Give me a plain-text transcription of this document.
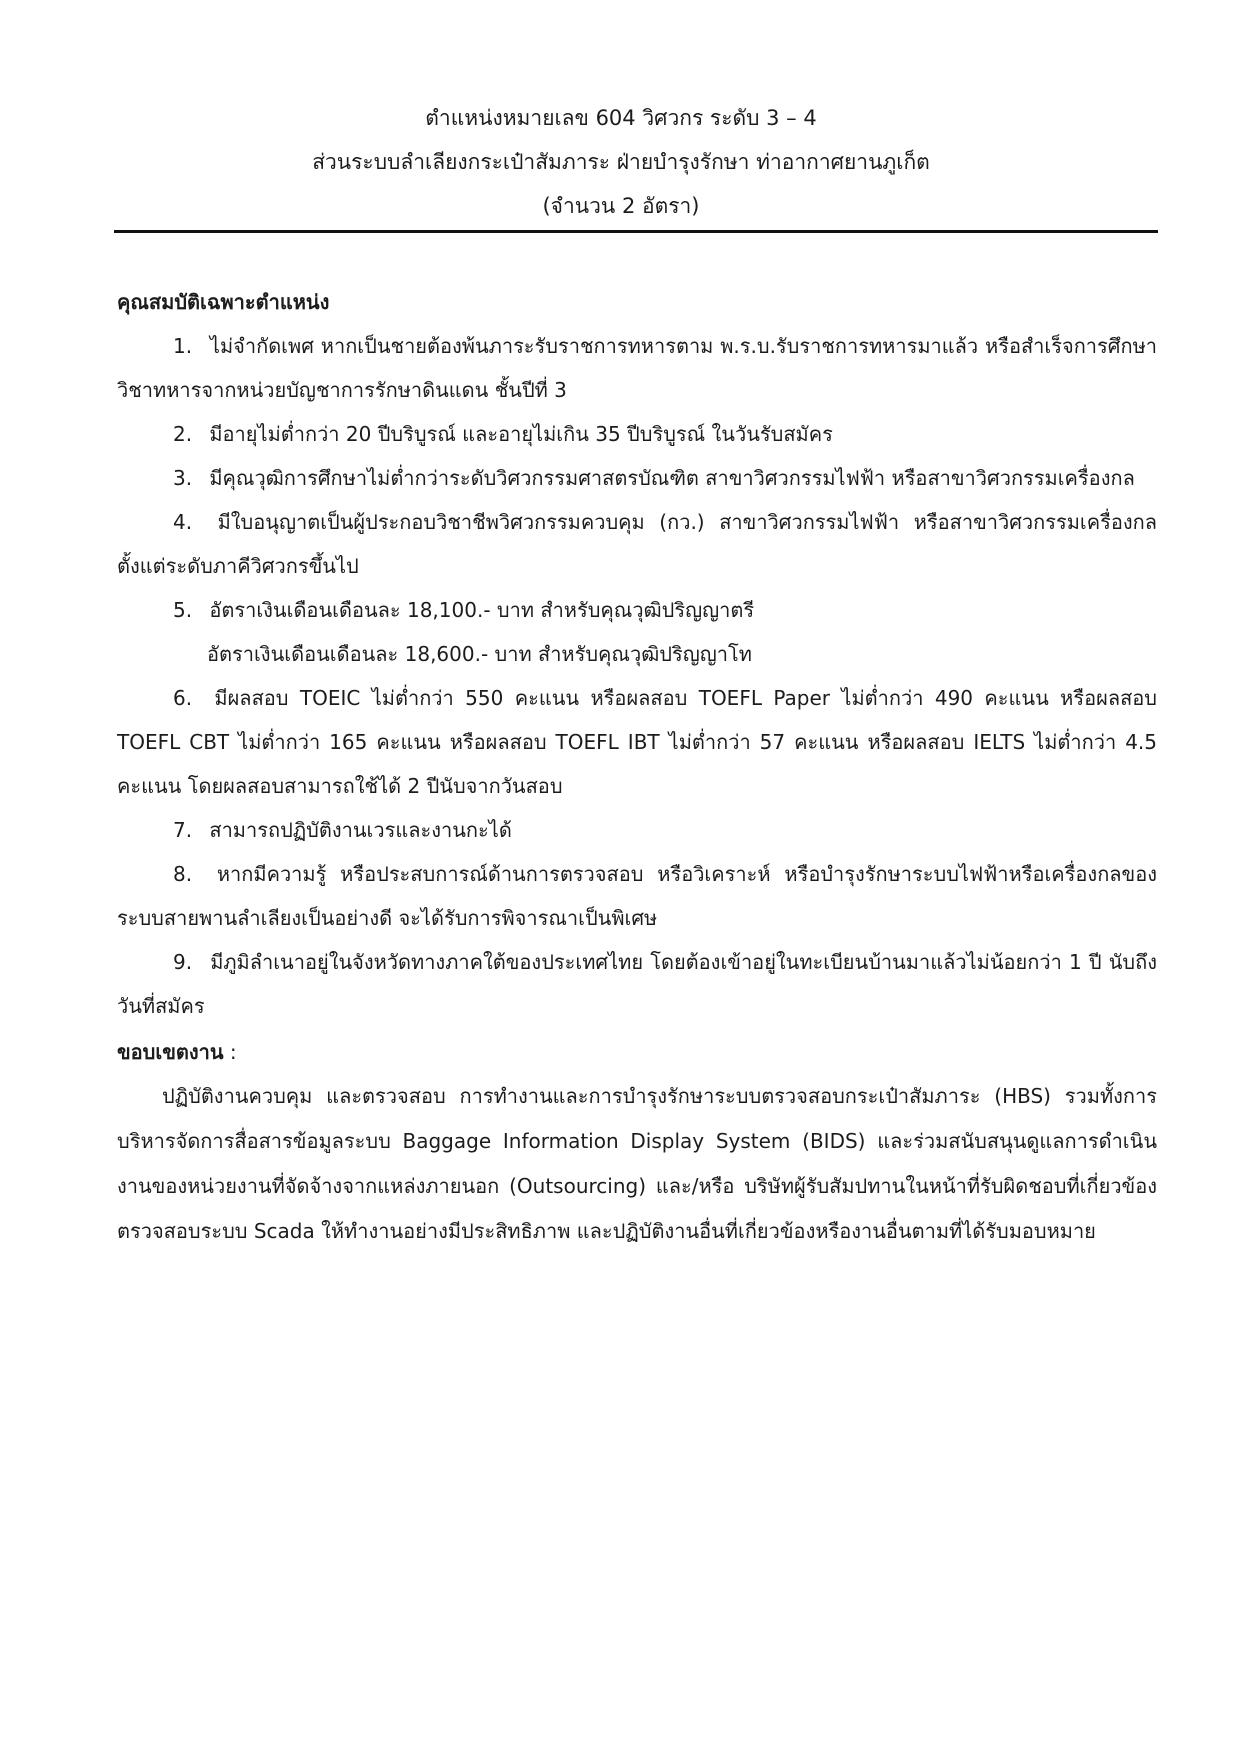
ตำแหน่งหมายเลข 604 วิศวกร ระดับ 3 – 4
ส่วนระบบลำเลียงกระเป๋าสัมภาระ ฝ่ายบำรุงรักษา ท่าอากาศยานภูเก็ต
(จำนวน 2 อัตรา)
คุณสมบัติเฉพาะตำแหน่ง
1. ไม่จำกัดเพศ หากเป็นชายต้องพ้นภาระรับราชการทหารตาม พ.ร.บ.รับราชการทหารมาแล้ว หรือสำเร็จการศึกษาวิชาทหารจากหน่วยบัญชาการรักษาดินแดน ชั้นปีที่ 3
2. มีอายุไม่ต่ำกว่า 20 ปีบริบูรณ์ และอายุไม่เกิน 35 ปีบริบูรณ์ ในวันรับสมัคร
3. มีคุณวุฒิการศึกษาไม่ต่ำกว่าระดับวิศวกรรมศาสตรบัณฑิต สาขาวิศวกรรมไฟฟ้า หรือสาขาวิศวกรรมเครื่องกล
4. มีใบอนุญาตเป็นผู้ประกอบวิชาชีพวิศวกรรมควบคุม (กว.) สาขาวิศวกรรมไฟฟ้า หรือสาขาวิศวกรรมเครื่องกล ตั้งแต่ระดับภาคีวิศวกรขึ้นไป
5. อัตราเงินเดือนเดือนละ 18,100.- บาท สำหรับคุณวุฒิปริญญาตรี
อัตราเงินเดือนเดือนละ 18,600.- บาท สำหรับคุณวุฒิปริญญาโท
6. มีผลสอบ TOEIC ไม่ต่ำกว่า 550 คะแนน หรือผลสอบ TOEFL Paper ไม่ต่ำกว่า 490 คะแนน หรือผลสอบ TOEFL CBT ไม่ต่ำกว่า 165 คะแนน หรือผลสอบ TOEFL IBT ไม่ต่ำกว่า 57 คะแนน หรือผลสอบ IELTS ไม่ต่ำกว่า 4.5 คะแนน โดยผลสอบสามารถใช้ได้ 2 ปีนับจากวันสอบ
7. สามารถปฏิบัติงานเวรและงานกะได้
8. หากมีความรู้ หรือประสบการณ์ด้านการตรวจสอบ หรือวิเคราะห์ หรือบำรุงรักษาระบบไฟฟ้าหรือเครื่องกลของระบบสายพานลำเลียงเป็นอย่างดี จะได้รับการพิจารณาเป็นพิเศษ
9. มีภูมิลำเนาอยู่ในจังหวัดทางภาคใต้ของประเทศไทย โดยต้องเข้าอยู่ในทะเบียนบ้านมาแล้วไม่น้อยกว่า 1 ปี นับถึงวันที่สมัคร
ขอบเขตงาน :
ปฏิบัติงานควบคุม และตรวจสอบ การทำงานและการบำรุงรักษาระบบตรวจสอบกระเป๋าสัมภาระ (HBS) รวมทั้งการบริหารจัดการสื่อสารข้อมูลระบบ Baggage Information Display System (BIDS) และร่วมสนับสนุนดูแลการดำเนินงานของหน่วยงานที่จัดจ้างจากแหล่งภายนอก (Outsourcing) และ/หรือ บริษัทผู้รับสัมปทานในหน้าที่รับผิดชอบที่เกี่ยวข้อง ตรวจสอบระบบ Scada ให้ทำงานอย่างมีประสิทธิภาพ และปฏิบัติงานอื่นที่เกี่ยวข้องหรืองานอื่นตามที่ได้รับมอบหมาย
